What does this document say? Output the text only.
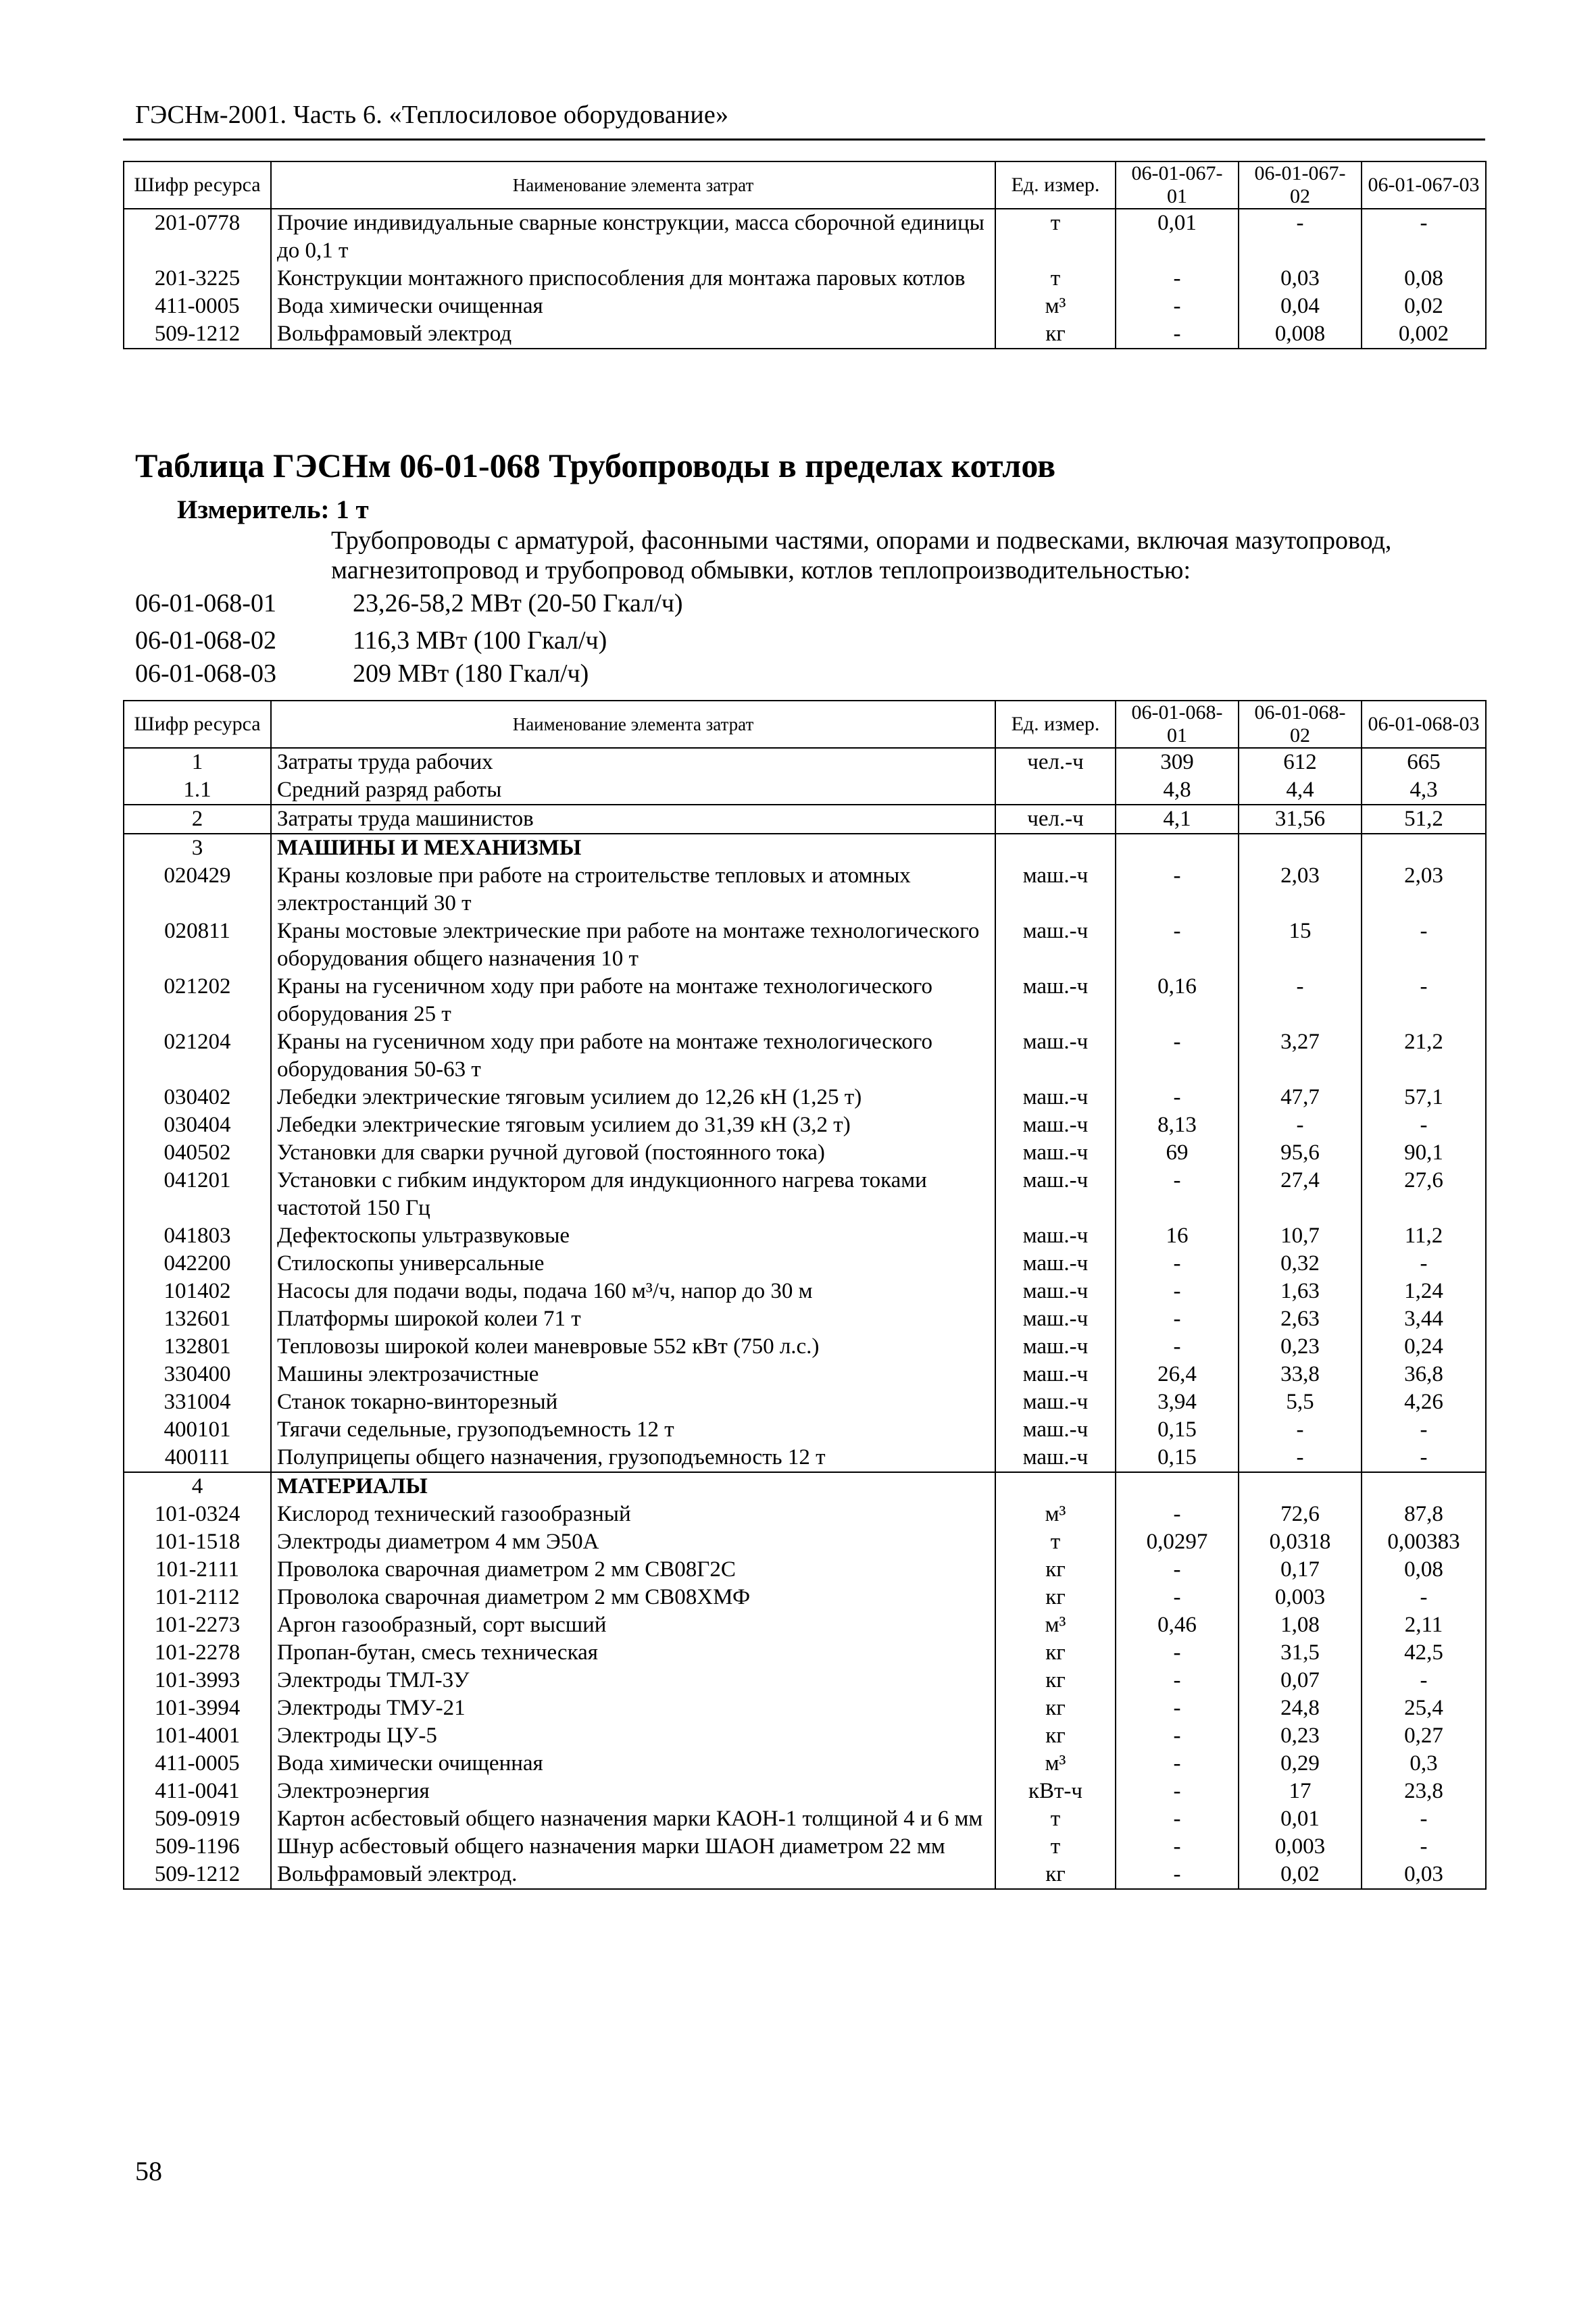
ГЭСНм-2001. Часть 6. «Теплосиловое оборудование»
Шифр ресурса	Наименование элемента затрат	Ед. измер.	06-01-067-01	06-01-067-02	06-01-067-03
201-0778	Прочие индивидуальные сварные конструкции, масса сборочной единицы до 0,1 т	т	0,01	-	-
201-3225	Конструкции монтажного приспособления для монтажа паровых котлов	т	-	0,03	0,08
411-0005	Вода химически очищенная	м³	-	0,04	0,02
509-1212	Вольфрамовый электрод	кг	-	0,008	0,002
Таблица ГЭСНм 06-01-068 Трубопроводы в пределах котлов
Измеритель: 1 т
Трубопроводы с арматурой, фасонными частями, опорами и подвесками, включая мазутопровод, магнезитопровод и трубопровод обмывки, котлов теплопроизводительностью:
06-01-068-01	23,26-58,2 МВт (20-50 Гкал/ч)
06-01-068-02	116,3 МВт (100 Гкал/ч)
06-01-068-03	209 МВт (180 Гкал/ч)
Шифр ресурса	Наименование элемента затрат	Ед. измер.	06-01-068-01	06-01-068-02	06-01-068-03
1	Затраты труда рабочих	чел.-ч	309	612	665
1.1	Средний разряд работы		4,8	4,4	4,3
2	Затраты труда машинистов	чел.-ч	4,1	31,56	51,2
3	МАШИНЫ И МЕХАНИЗМЫ				
020429	Краны козловые при работе на строительстве тепловых и атомных электростанций 30 т	маш.-ч	-	2,03	2,03
020811	Краны мостовые электрические при работе на монтаже технологического оборудования общего назначения 10 т	маш.-ч	-	15	-
021202	Краны на гусеничном ходу при работе на монтаже технологического оборудования 25 т	маш.-ч	0,16	-	-
021204	Краны на гусеничном ходу при работе на монтаже технологического оборудования 50-63 т	маш.-ч	-	3,27	21,2
030402	Лебедки электрические тяговым усилием до 12,26 кН (1,25 т)	маш.-ч	-	47,7	57,1
030404	Лебедки электрические тяговым усилием до 31,39 кН (3,2 т)	маш.-ч	8,13	-	-
040502	Установки для сварки ручной дуговой (постоянного тока)	маш.-ч	69	95,6	90,1
041201	Установки с гибким индуктором для индукционного нагрева токами частотой 150 Гц	маш.-ч	-	27,4	27,6
041803	Дефектоскопы ультразвуковые	маш.-ч	16	10,7	11,2
042200	Стилоскопы универсальные	маш.-ч	-	0,32	-
101402	Насосы для подачи воды, подача 160 м³/ч, напор до 30 м	маш.-ч	-	1,63	1,24
132601	Платформы широкой колеи 71 т	маш.-ч	-	2,63	3,44
132801	Тепловозы широкой колеи маневровые 552 кВт (750 л.с.)	маш.-ч	-	0,23	0,24
330400	Машины электрозачистные	маш.-ч	26,4	33,8	36,8
331004	Станок токарно-винторезный	маш.-ч	3,94	5,5	4,26
400101	Тягачи седельные, грузоподъемность 12 т	маш.-ч	0,15	-	-
400111	Полуприцепы общего назначения, грузоподъемность 12 т	маш.-ч	0,15	-	-
4	МАТЕРИАЛЫ				
101-0324	Кислород технический газообразный	м³	-	72,6	87,8
101-1518	Электроды диаметром 4 мм Э50А	т	0,0297	0,0318	0,00383
101-2111	Проволока сварочная диаметром 2 мм СВ08Г2С	кг	-	0,17	0,08
101-2112	Проволока сварочная диаметром 2 мм СВ08ХМФ	кг	-	0,003	-
101-2273	Аргон газообразный, сорт высший	м³	0,46	1,08	2,11
101-2278	Пропан-бутан, смесь техническая	кг	-	31,5	42,5
101-3993	Электроды ТМЛ-3У	кг	-	0,07	-
101-3994	Электроды ТМУ-21	кг	-	24,8	25,4
101-4001	Электроды ЦУ-5	кг	-	0,23	0,27
411-0005	Вода химически очищенная	м³	-	0,29	0,3
411-0041	Электроэнергия	кВт-ч	-	17	23,8
509-0919	Картон асбестовый общего назначения марки КАОН-1 толщиной 4 и 6 мм	т	-	0,01	-
509-1196	Шнур асбестовый общего назначения марки ШАОН диаметром 22 мм	т	-	0,003	-
509-1212	Вольфрамовый электрод.	кг	-	0,02	0,03
58
